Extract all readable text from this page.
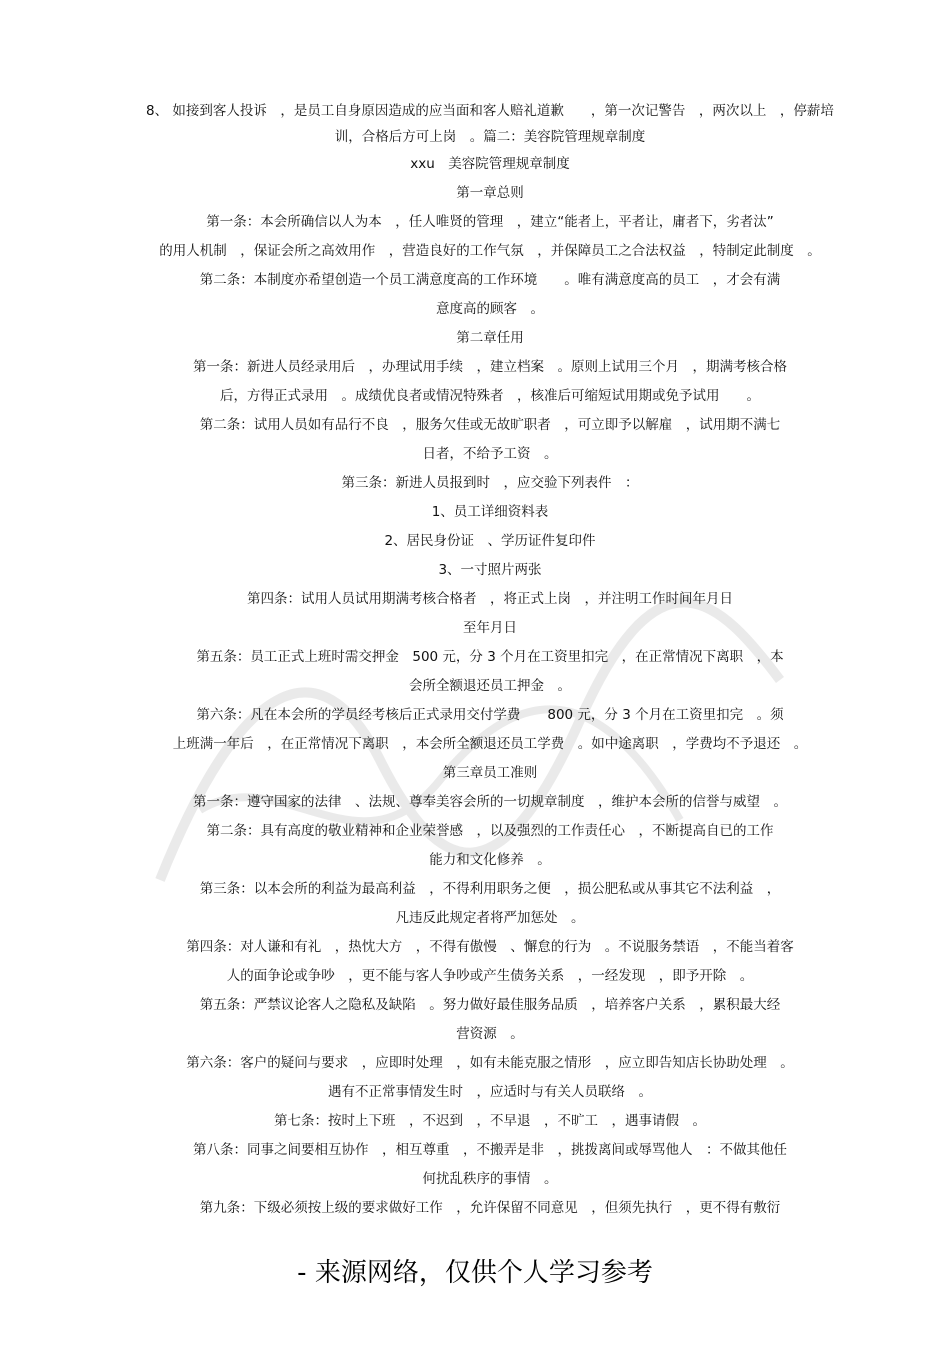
8、 如接到客人投诉　，是员工自身原因造成的应当面和客人赔礼道歉　　，第一次记警告　，两次以上　，停薪培
训，合格后方可上岗　。篇二：美容院管理规章制度
xxu　美容院管理规章制度
第一章总则
第一条：本会所确信以人为本　，任人唯贤的管理　，建立“能者上，平者让，庸者下，劣者汰”
的用人机制　，保证会所之高效用作　，营造良好的工作气氛　，并保障员工之合法权益　，特制定此制度　。
第二条：本制度亦希望创造一个员工满意度高的工作环境　　。唯有满意度高的员工　，才会有满
意度高的顾客　。
第二章任用
第一条：新进人员经录用后　，办理试用手续　，建立档案　。原则上试用三个月　，期满考核合格
后，方得正式录用　。成绩优良者或情况特殊者　，核准后可缩短试用期或免予试用　　。
第二条：试用人员如有品行不良　，服务欠佳或无故旷职者　，可立即予以解雇　，试用期不满七
日者，不给予工资　。
第三条：新进人员报到时　，应交验下列表件　：
1、员工详细资料表
2、居民身份证　、学历证件复印件
3、一寸照片两张
第四条：试用人员试用期满考核合格者　，将正式上岗　，并注明工作时间年月日
至年月日
第五条：员工正式上班时需交押金　500 元，分 3 个月在工资里扣完　，在正常情况下离职　，本
会所全额退还员工押金　。
第六条：凡在本会所的学员经考核后正式录用交付学费　　800 元，分 3 个月在工资里扣完　。须
上班满一年后　，在正常情况下离职　，本会所全额退还员工学费　。如中途离职　，学费均不予退还　。
第三章员工准则
第一条：遵守国家的法律　、法规、尊奉美容会所的一切规章制度　，维护本会所的信誉与威望　。
第二条：具有高度的敬业精神和企业荣誉感　，以及强烈的工作责任心　，不断提高自已的工作
能力和文化修养　。
第三条：以本会所的利益为最高利益　，不得利用职务之便　，损公肥私或从事其它不法利益　，
凡违反此规定者将严加惩处　。
第四条：对人谦和有礼　，热忱大方　，不得有傲慢　、懈怠的行为　。不说服务禁语　，不能当着客
人的面争论或争吵　，更不能与客人争吵或产生债务关系　，一经发现　，即予开除　。
第五条：严禁议论客人之隐私及缺陷　。努力做好最佳服务品质　，培养客户关系　，累积最大经
营资源　。
第六条：客户的疑问与要求　，应即时处理　，如有未能克服之情形　，应立即告知店长协助处理　。
遇有不正常事情发生时　，应适时与有关人员联络　。
第七条：按时上下班　，不迟到　，不早退　，不旷工　，遇事请假　。
第八条：同事之间要相互协作　，相互尊重　，不搬弄是非　，挑拨离间或辱骂他人　：不做其他任
何扰乱秩序的事情　。
第九条：下级必须按上级的要求做好工作　，允许保留不同意见　，但须先执行　，更不得有敷衍
- 来源网络，仅供个人学习参考
